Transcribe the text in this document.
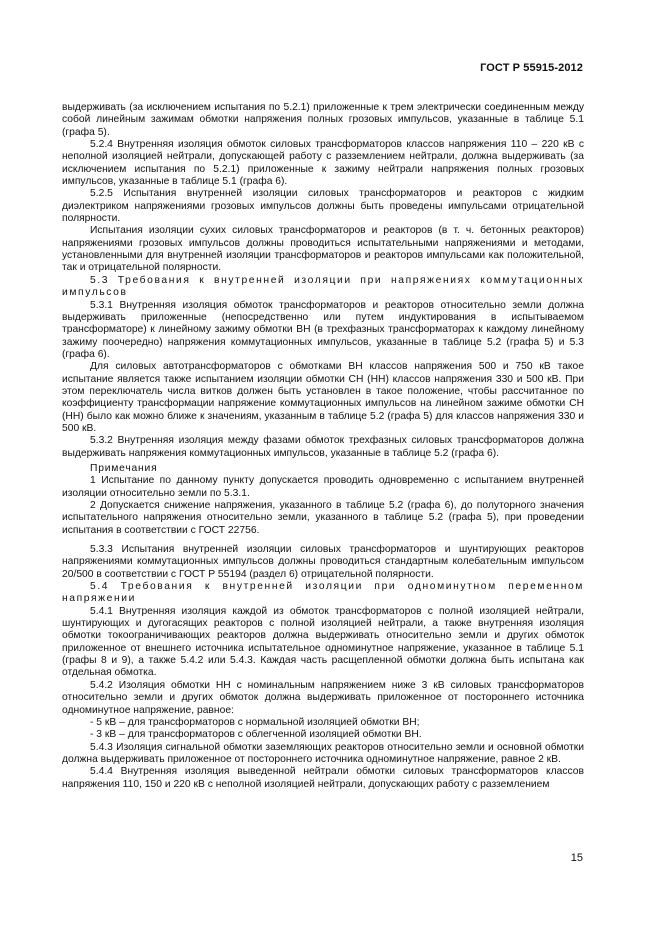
ГОСТ Р 55915-2012

выдерживать (за исключением испытания по 5.2.1) приложенные к трем электрически соединенным между собой линейным зажимам обмотки напряжения полных грозовых импульсов, указанные в таблице 5.1 (графа 5).

5.2.4 Внутренняя изоляция обмоток силовых трансформаторов классов напряжения 110 – 220 кВ с неполной изоляцией нейтрали, допускающей работу с разземлением нейтрали, должна выдерживать (за исключением испытания по 5.2.1) приложенные к зажиму нейтрали напряжения полных грозовых импульсов, указанные в таблице 5.1 (графа 6).

5.2.5 Испытания внутренней изоляции силовых трансформаторов и реакторов с жидким диэлектриком напряжениями грозовых импульсов должны быть проведены импульсами отрицательной полярности.

Испытания изоляции сухих силовых трансформаторов и реакторов (в т. ч. бетонных реакторов) напряжениями грозовых импульсов должны проводиться испытательными напряжениями и методами, установленными для внутренней изоляции трансформаторов и реакторов импульсами как положительной, так и отрицательной полярности.

5.3 Требования к внутренней изоляции при напряжениях коммутационных импульсов

5.3.1 Внутренняя изоляция обмоток трансформаторов и реакторов относительно земли должна выдерживать приложенные (непосредственно или путем индуктирования в испытываемом трансформаторе) к линейному зажиму обмотки ВН (в трехфазных трансформаторах к каждому линейному зажиму поочередно) напряжения коммутационных импульсов, указанные в таблице 5.2 (графа 5) и 5.3 (графа 6).

Для силовых автотрансформаторов с обмотками ВН классов напряжения 500 и 750 кВ такое испытание является также испытанием изоляции обмотки СН (НН) классов напряжения 330 и 500 кВ. При этом переключатель числа витков должен быть установлен в такое положение, чтобы рассчитанное по коэффициенту трансформации напряжение коммутационных импульсов на линейном зажиме обмотки СН (НН) было как можно ближе к значениям, указанным в таблице 5.2 (графа 5) для классов напряжения 330 и 500 кВ.

5.3.2 Внутренняя изоляция между фазами обмоток трехфазных силовых трансформаторов должна выдерживать напряжения коммутационных импульсов, указанные в таблице 5.2 (графа 6).

Примечания

1 Испытание по данному пункту допускается проводить одновременно с испытанием внутренней изоляции относительно земли по 5.3.1.

2 Допускается снижение напряжения, указанного в таблице 5.2 (графа 6), до полуторного значения испытательного напряжения относительно земли, указанного в таблице 5.2 (графа 5), при проведении испытания в соответствии с ГОСТ 22756.

5.3.3 Испытания внутренней изоляции силовых трансформаторов и шунтирующих реакторов напряжениями коммутационных импульсов должны проводиться стандартным колебательным импульсом 20/500 в соответствии с ГОСТ Р 55194 (раздел 6) отрицательной полярности.

5.4 Требования к внутренней изоляции при одноминутном переменном напряжении

5.4.1 Внутренняя изоляция каждой из обмоток трансформаторов с полной изоляцией нейтрали, шунтирующих и дугогасящих реакторов с полной изоляцией нейтрали, а также внутренняя изоляция обмотки токоограничивающих реакторов должна выдерживать относительно земли и других обмоток приложенное от внешнего источника испытательное одноминутное напряжение, указанное в таблице 5.1 (графы 8 и 9), а также 5.4.2 или 5.4.3. Каждая часть расщепленной обмотки должна быть испытана как отдельная обмотка.

5.4.2 Изоляция обмотки НН с номинальным напряжением ниже 3 кВ силовых трансформаторов относительно земли и других обмоток должна выдерживать приложенное от постороннего источника одноминутное напряжение, равное:

- 5 кВ – для трансформаторов с нормальной изоляцией обмотки ВН;

- 3 кВ – для трансформаторов с облегченной изоляцией обмотки ВН.

5.4.3 Изоляция сигнальной обмотки заземляющих реакторов относительно земли и основной обмотки должна выдерживать приложенное от постороннего источника одноминутное напряжение, равное 2 кВ.

5.4.4 Внутренняя изоляция выведенной нейтрали обмотки силовых трансформаторов классов напряжения 110, 150 и 220 кВ с неполной изоляцией нейтрали, допускающих работу с разземлением

15
